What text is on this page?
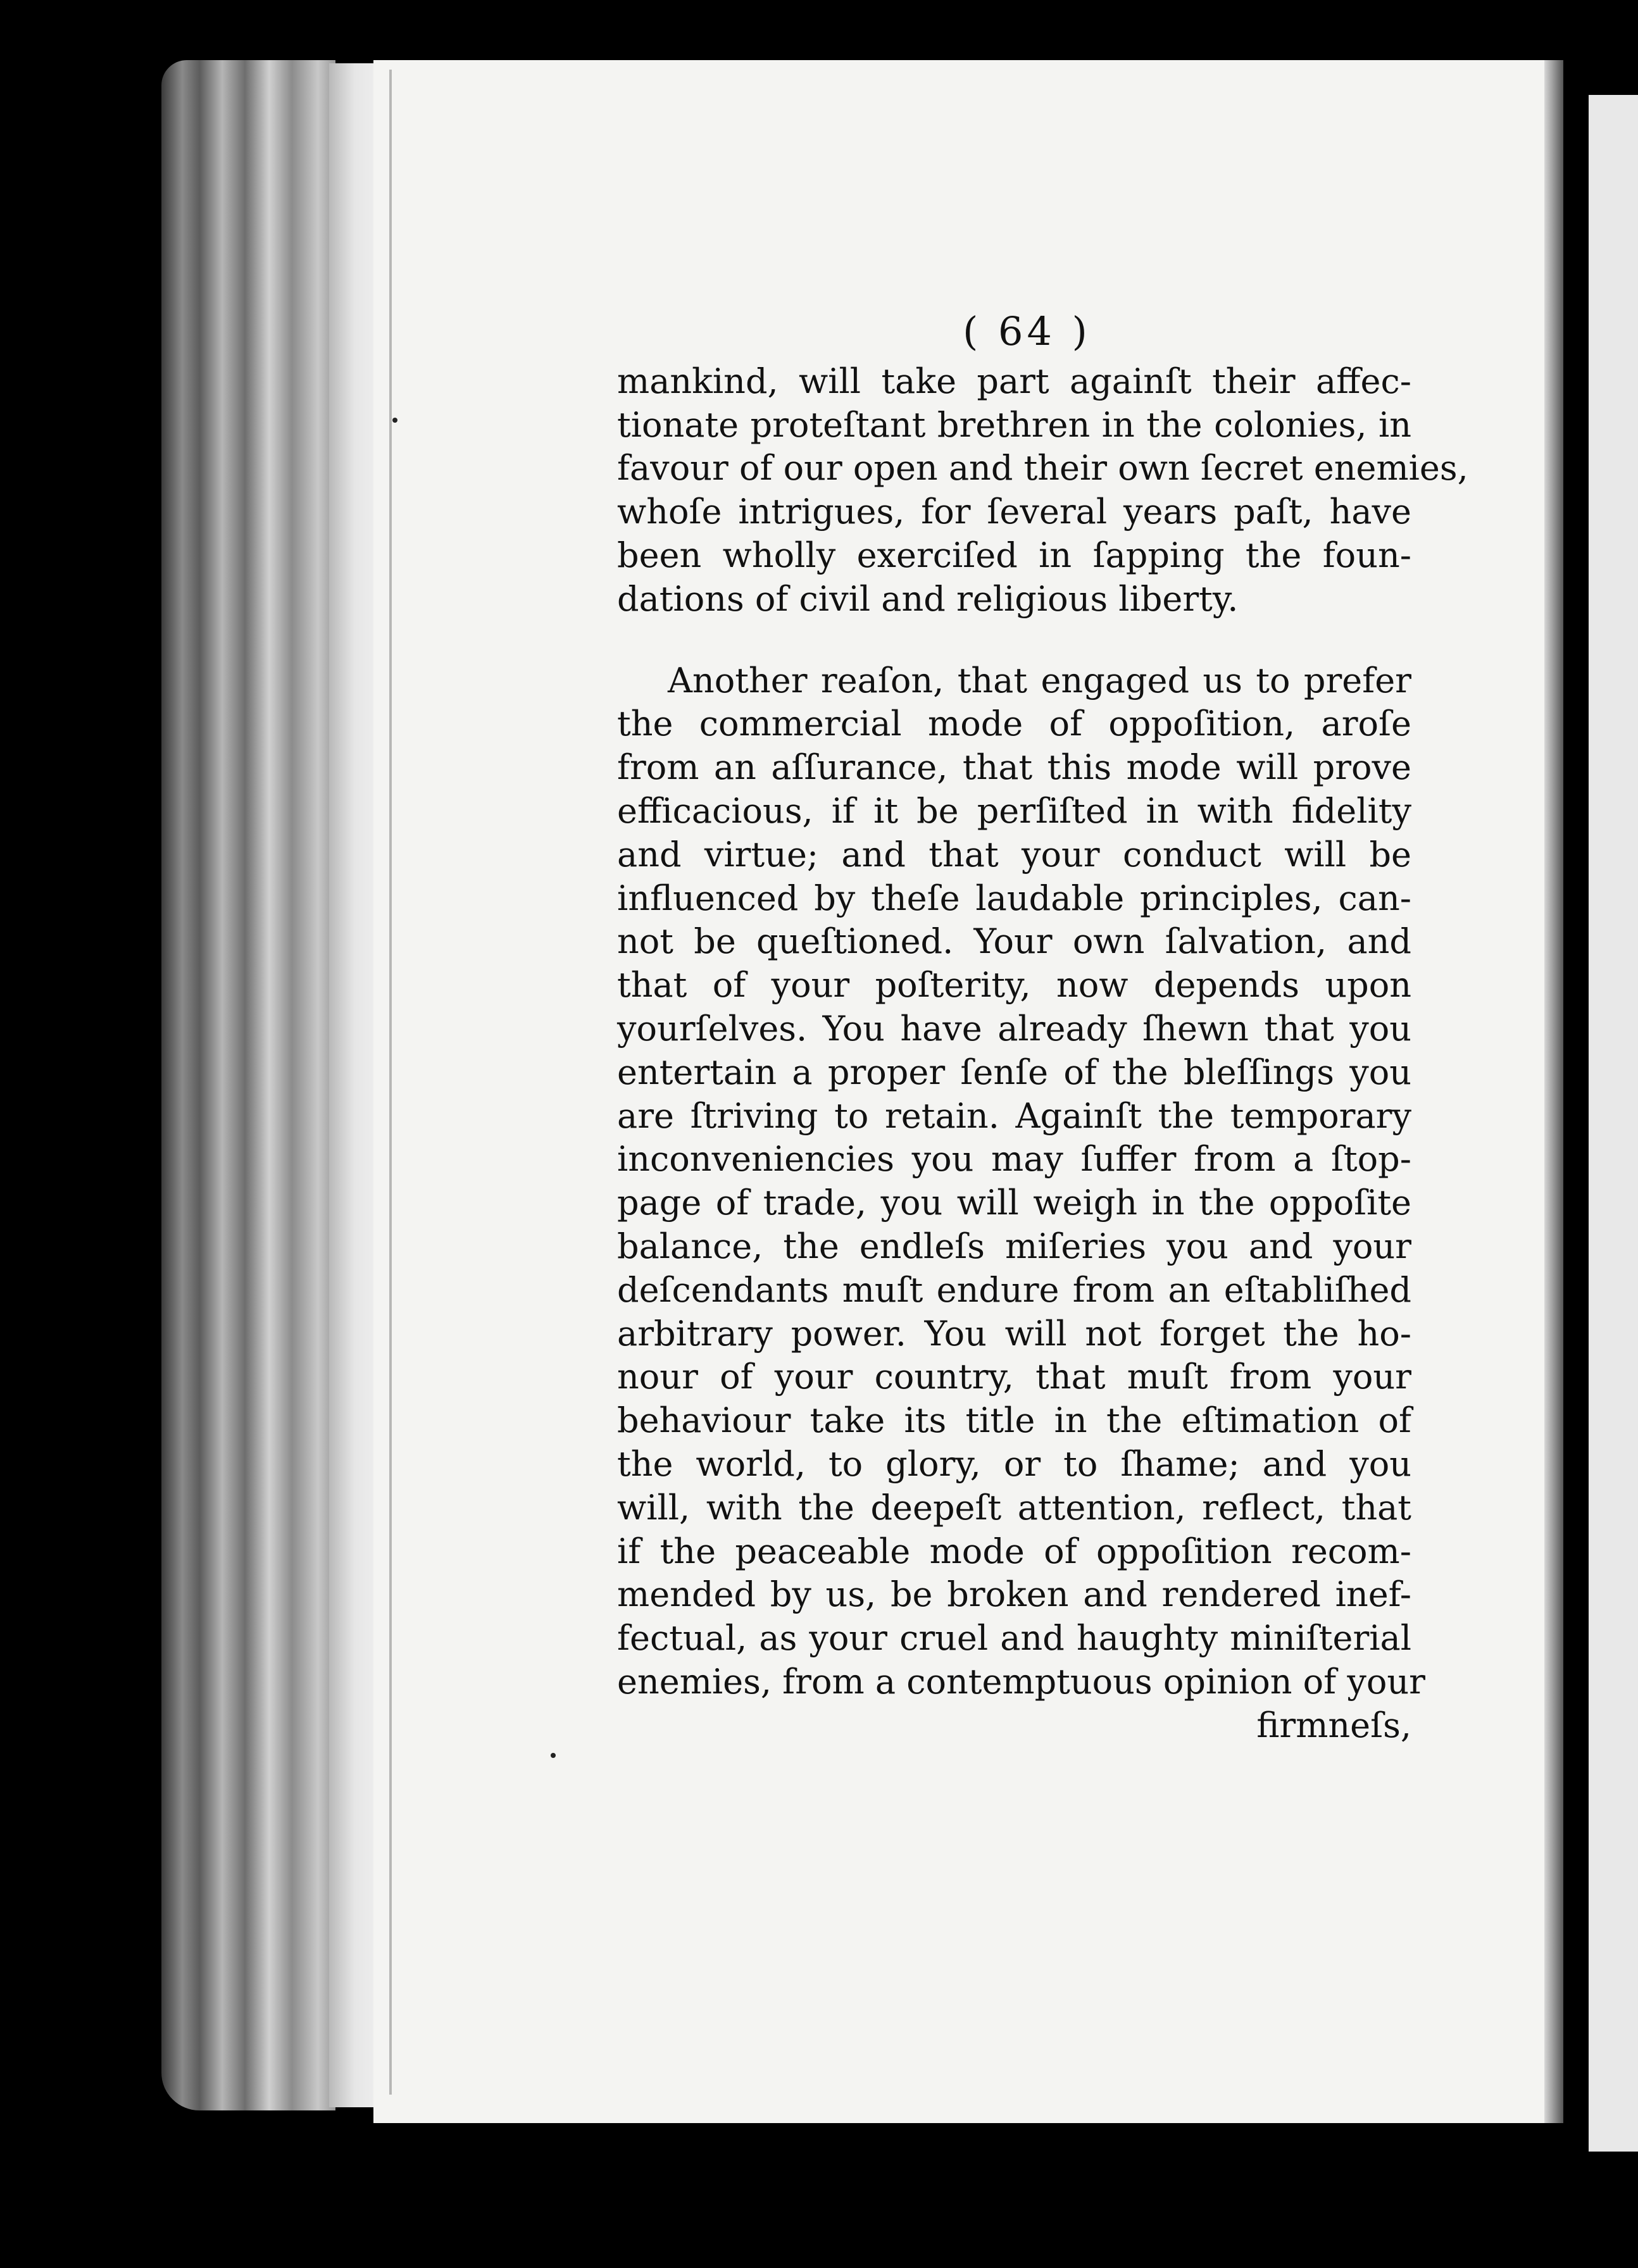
( 64 )
mankind, will take part againſt their affec-
tionate proteſtant brethren in the colonies, in
favour of our open and their own ſecret enemies,
whoſe intrigues, for ſeveral years paſt, have
been wholly exerciſed in ſapping the foun-
dations of civil and religious liberty.
Another reaſon, that engaged us to prefer
the commercial mode of oppoſition, aroſe
from an aſſurance, that this mode will prove
efficacious, if it be perſiſted in with fidelity
and virtue; and that your conduct will be
influenced by theſe laudable principles, can-
not be queſtioned. Your own ſalvation, and
that of your poſterity, now depends upon
yourſelves. You have already ſhewn that you
entertain a proper ſenſe of the bleſſings you
are ſtriving to retain. Againſt the temporary
inconveniencies you may ſuffer from a ſtop-
page of trade, you will weigh in the oppoſite
balance, the endleſs miſeries you and your
deſcendants muſt endure from an eſtabliſhed
arbitrary power. You will not forget the ho-
nour of your country, that muſt from your
behaviour take its title in the eſtimation of
the world, to glory, or to ſhame; and you
will, with the deepeſt attention, reflect, that
if the peaceable mode of oppoſition recom-
mended by us, be broken and rendered inef-
fectual, as your cruel and haughty miniſterial
enemies, from a contemptuous opinion of your
firmneſs,
